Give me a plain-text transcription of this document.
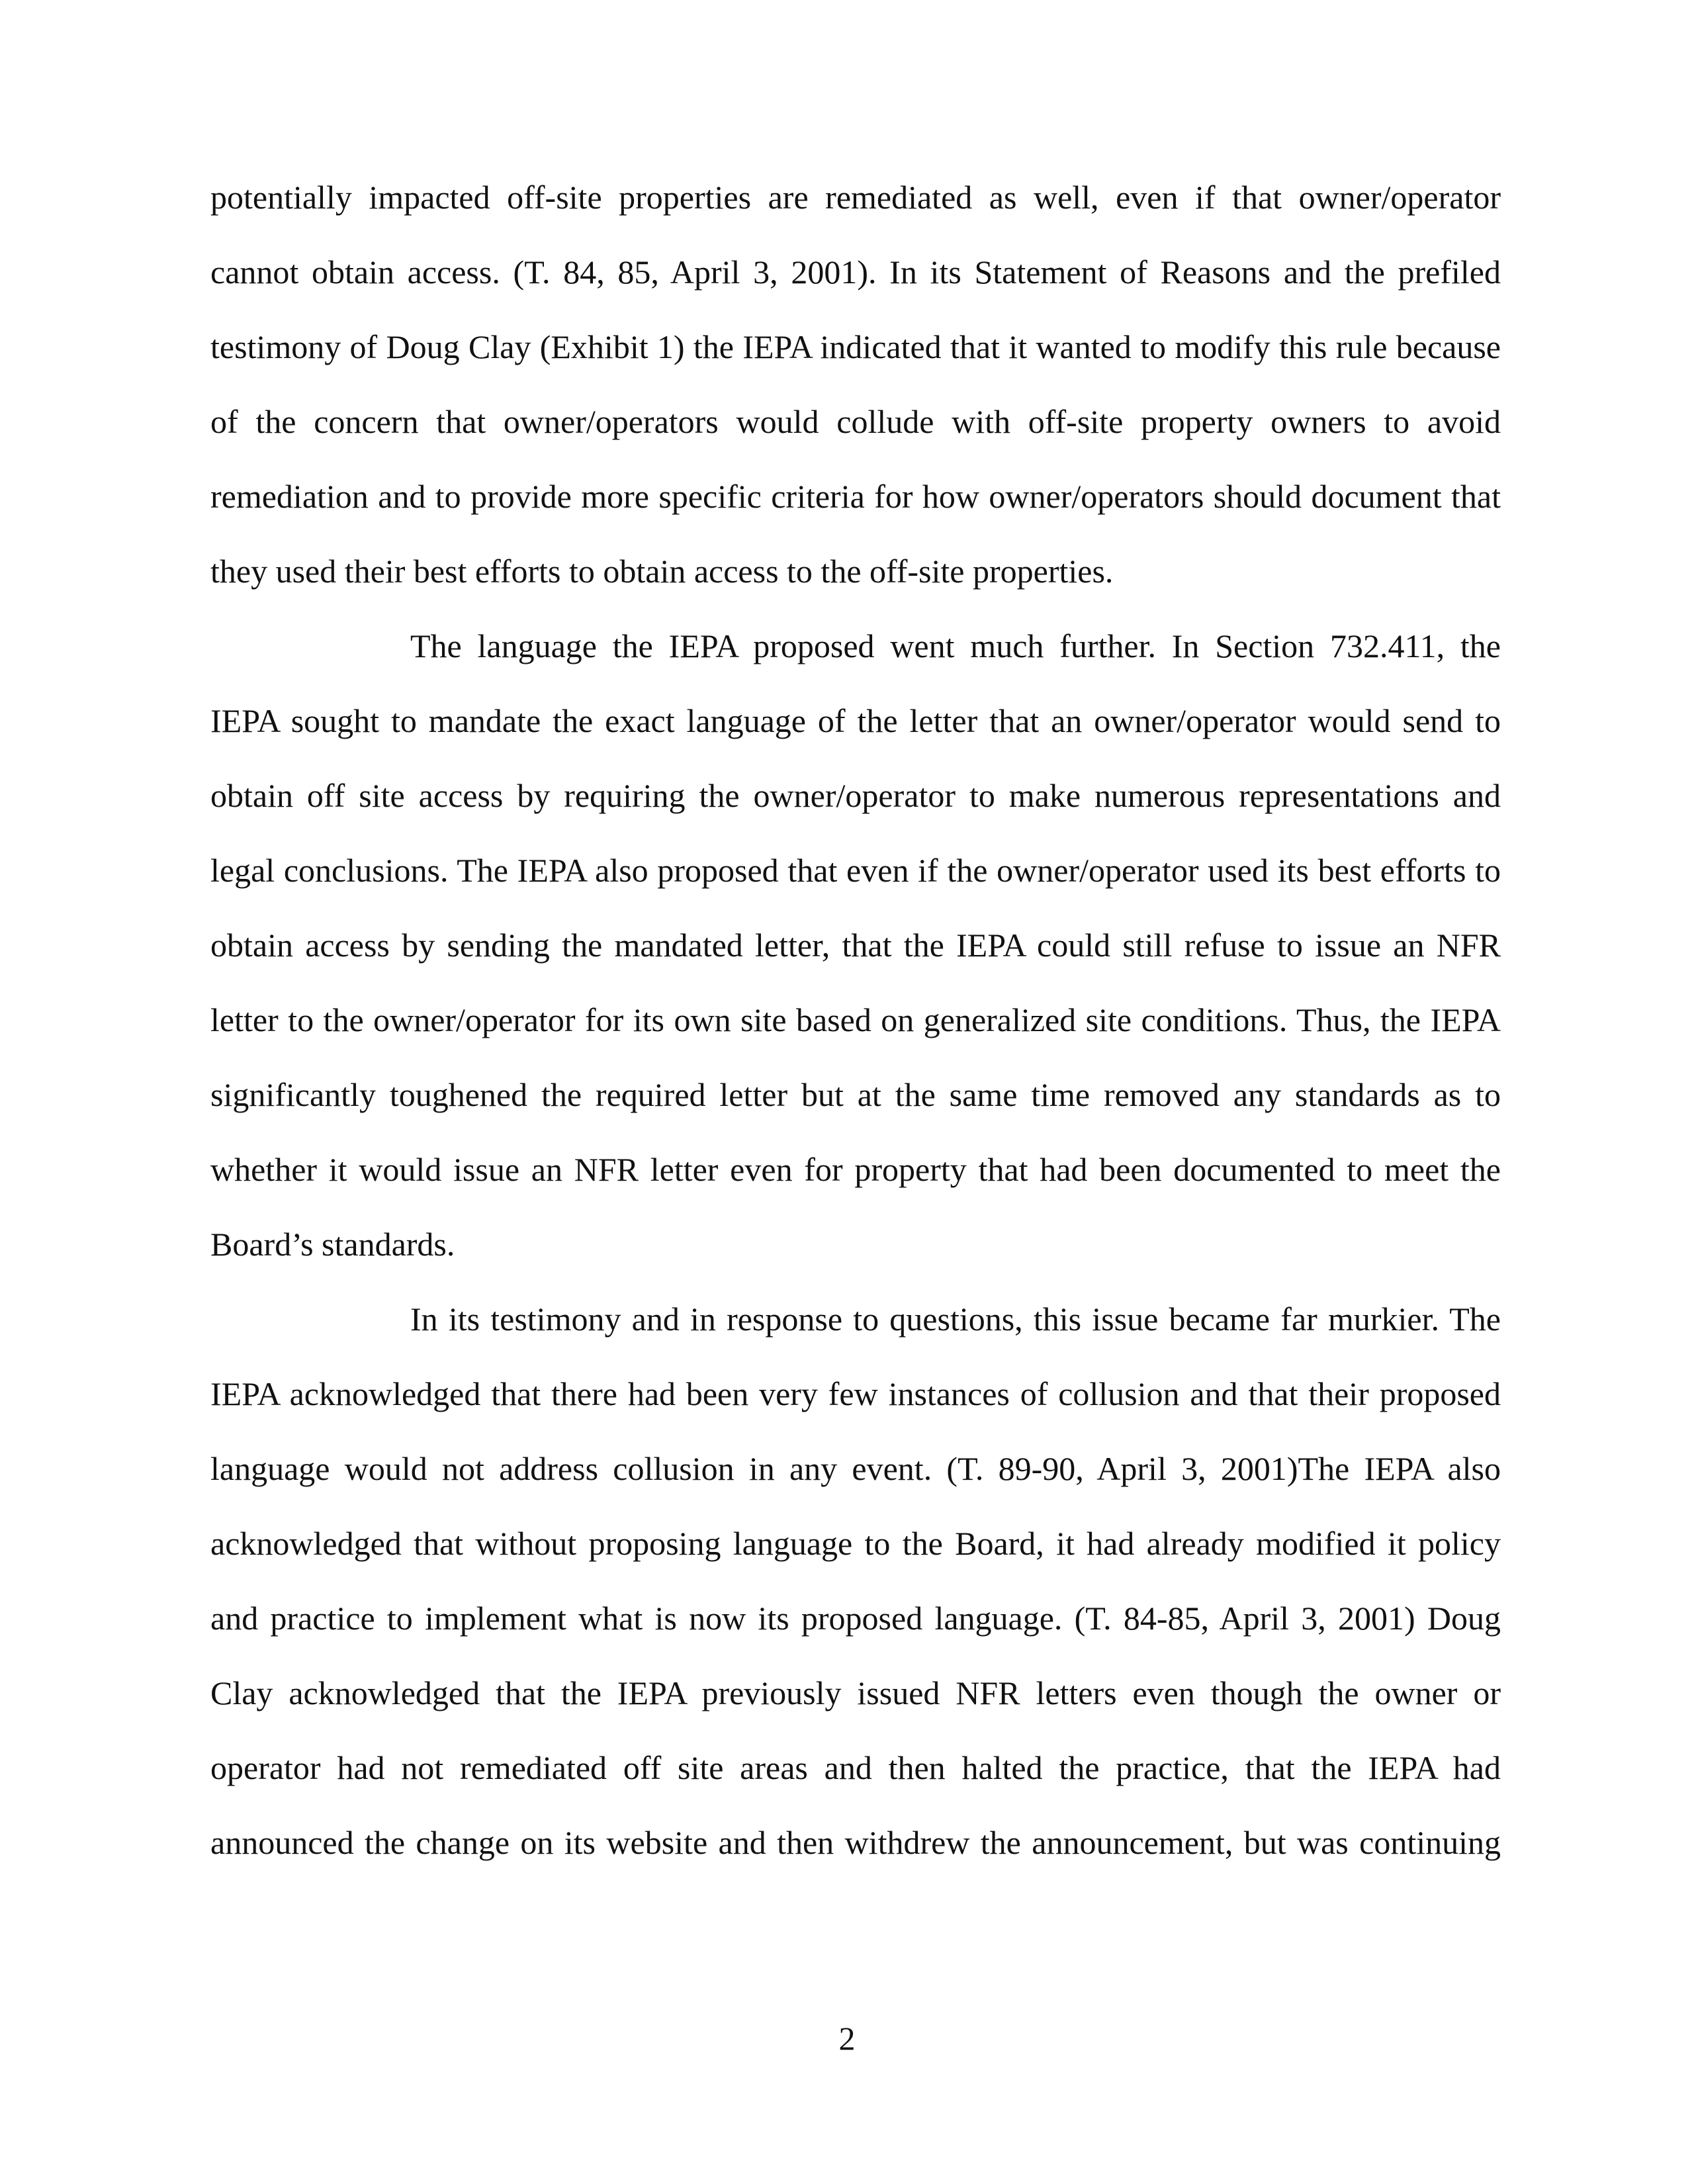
potentially impacted off-site properties are remediated as well, even if that owner/operator
cannot obtain access. (T. 84, 85, April 3, 2001). In its Statement of Reasons and the prefiled
testimony of Doug Clay (Exhibit 1) the IEPA indicated that it wanted to modify this rule because
of the concern that owner/operators would collude with off-site property owners to avoid
remediation and to provide more specific criteria for how owner/operators should document that
they used their best efforts to obtain access to the off-site properties.
The language the IEPA proposed went much further. In Section 732.411, the
IEPA sought to mandate the exact language of the letter that an owner/operator would send to
obtain off site access by requiring the owner/operator to make numerous representations and
legal conclusions. The IEPA also proposed that even if the owner/operator used its best efforts to
obtain access by sending the mandated letter, that the IEPA could still refuse to issue an NFR
letter to the owner/operator for its own site based on generalized site conditions. Thus, the IEPA
significantly toughened the required letter but at the same time removed any standards as to
whether it would issue an NFR letter even for property that had been documented to meet the
Board’s standards.
In its testimony and in response to questions, this issue became far murkier. The
IEPA acknowledged that there had been very few instances of collusion and that their proposed
language would not address collusion in any event. (T. 89-90, April 3, 2001)The IEPA also
acknowledged that without proposing language to the Board, it had already modified it policy
and practice to implement what is now its proposed language. (T. 84-85, April 3, 2001) Doug
Clay acknowledged that the IEPA previously issued NFR letters even though the owner or
operator had not remediated off site areas and then halted the practice, that the IEPA had
announced the change on its website and then withdrew the announcement, but was continuing
2
